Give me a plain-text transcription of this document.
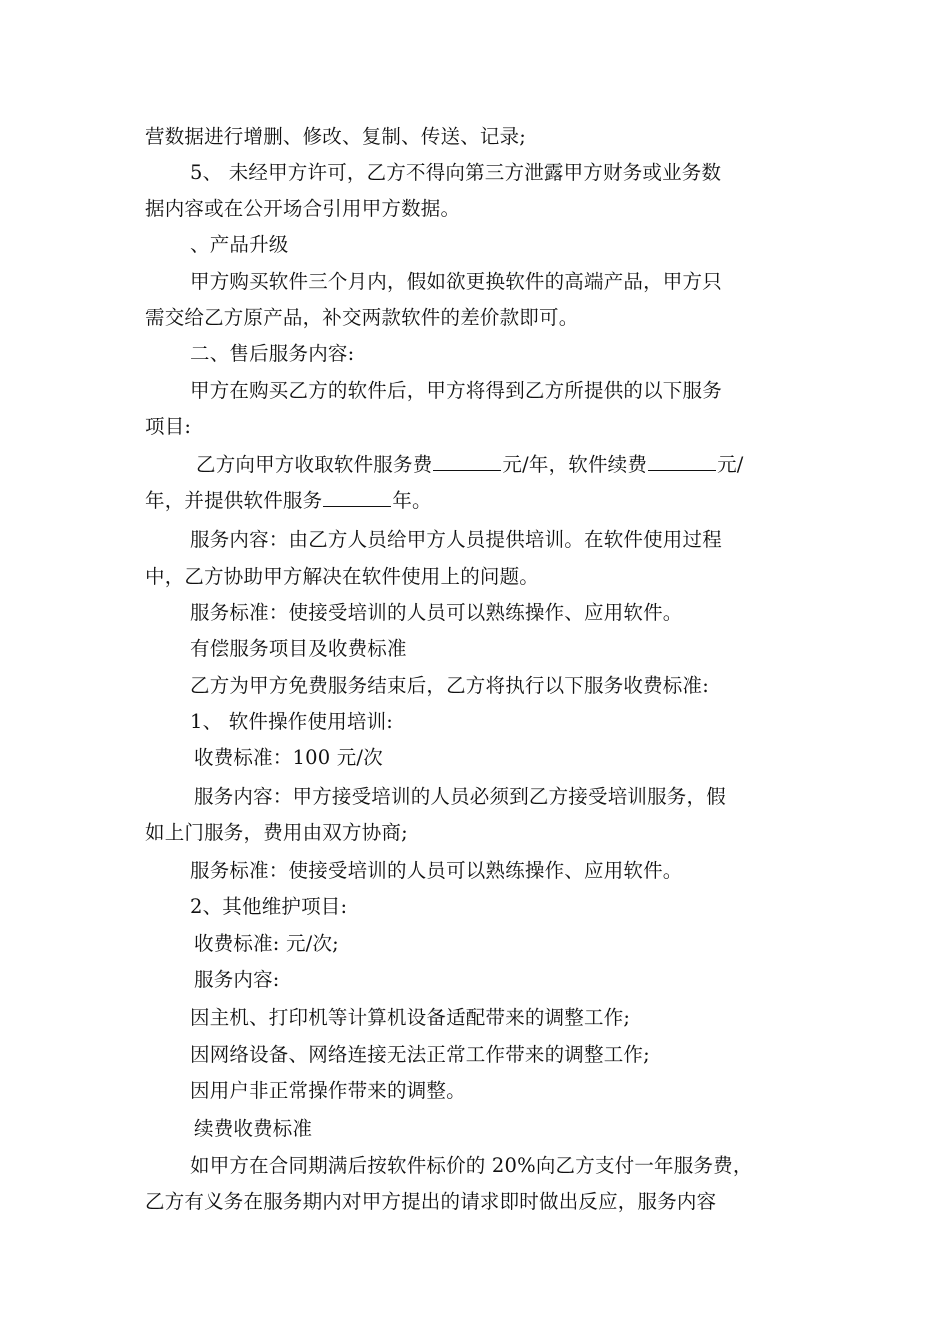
营数据进行增删、修改、复制、传送、记录;
5、 未经甲方许可，乙方不得向第三方泄露甲方财务或业务数
据内容或在公开场合引用甲方数据。
、产品升级
甲方购买软件三个月内，假如欲更换软件的高端产品，甲方只
需交给乙方原产品，补交两款软件的差价款即可。
二、售后服务内容:
甲方在购买乙方的软件后，甲方将得到乙方所提供的以下服务
项目:
乙方向甲方收取软件服务费	元/年，软件续费	元/
年，并提供软件服务	年。
服务内容：由乙方人员给甲方人员提供培训。在软件使用过程
中，乙方协助甲方解决在软件使用上的问题。
服务标准：使接受培训的人员可以熟练操作、应用软件。
有偿服务项目及收费标准
乙方为甲方免费服务结束后，乙方将执行以下服务收费标准:
1、 软件操作使用培训:
收费标准：100 元/次
服务内容：甲方接受培训的人员必须到乙方接受培训服务，假
如上门服务，费用由双方协商;
服务标准：使接受培训的人员可以熟练操作、应用软件。
2、其他维护项目:
收费标准: 元/次;
服务内容:
因主机、打印机等计算机设备适配带来的调整工作;
因网络设备、网络连接无法正常工作带来的调整工作;
因用户非正常操作带来的调整。
续费收费标准
如甲方在合同期满后按软件标价的 20%向乙方支付一年服务费，
乙方有义务在服务期内对甲方提出的请求即时做出反应，服务内容
